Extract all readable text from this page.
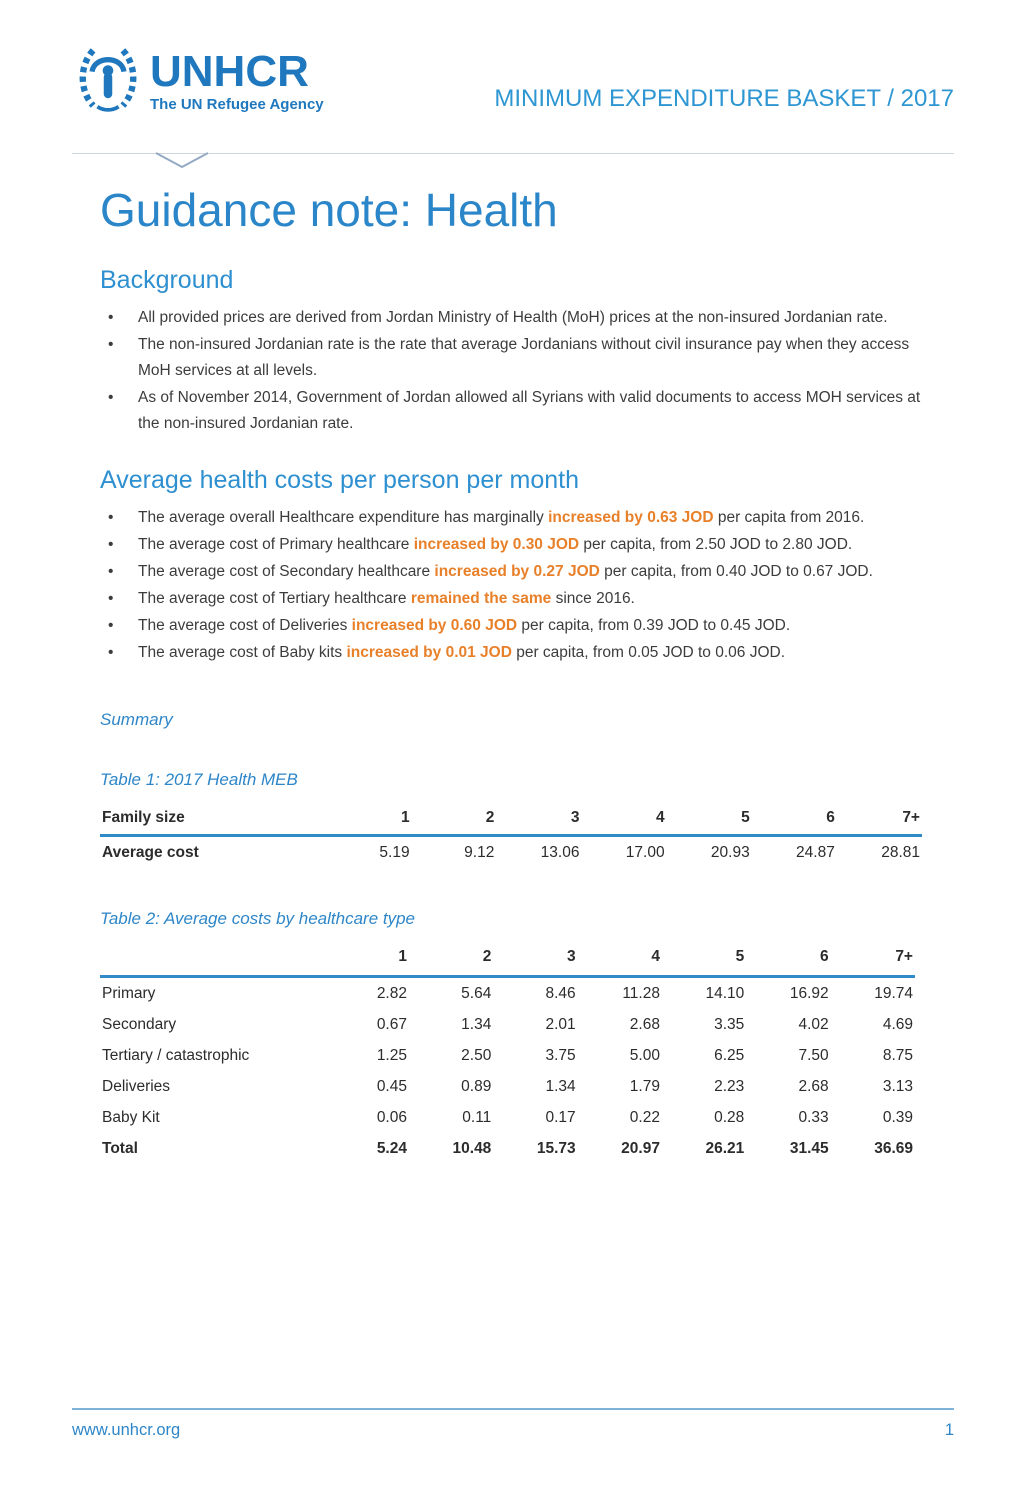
UNHCR
The UN Refugee Agency	MINIMUM EXPENDITURE BASKET / 2017
Guidance note: Health
Background
• All provided prices are derived from Jordan Ministry of Health (MoH) prices at the non-insured Jordanian rate.
• The non-insured Jordanian rate is the rate that average Jordanians without civil insurance pay when they access MoH services at all levels.
• As of November 2014, Government of Jordan allowed all Syrians with valid documents to access MOH services at the non-insured Jordanian rate.
Average health costs per person per month
• The average overall Healthcare expenditure has marginally increased by 0.63 JOD per capita from 2016.
• The average cost of Primary healthcare increased by 0.30 JOD per capita, from 2.50 JOD to 2.80 JOD.
• The average cost of Secondary healthcare increased by 0.27 JOD per capita, from 0.40 JOD to 0.67 JOD.
• The average cost of Tertiary healthcare remained the same since 2016.
• The average cost of Deliveries increased by 0.60 JOD per capita, from 0.39 JOD to 0.45 JOD.
• The average cost of Baby kits increased by 0.01 JOD per capita, from 0.05 JOD to 0.06 JOD.

Summary

Table 1: 2017 Health MEB

Family size	1	2	3	4	5	6	7+
Average cost	5.19	9.12	13.06	17.00	20.93	24.87	28.81

Table 2: Average costs by healthcare type

	1	2	3	4	5	6	7+
Primary	2.82	5.64	8.46	11.28	14.10	16.92	19.74
Secondary	0.67	1.34	2.01	2.68	3.35	4.02	4.69
Tertiary / catastrophic	1.25	2.50	3.75	5.00	6.25	7.50	8.75
Deliveries	0.45	0.89	1.34	1.79	2.23	2.68	3.13
Baby Kit	0.06	0.11	0.17	0.22	0.28	0.33	0.39
Total	5.24	10.48	15.73	20.97	26.21	31.45	36.69
www.unhcr.org	1
